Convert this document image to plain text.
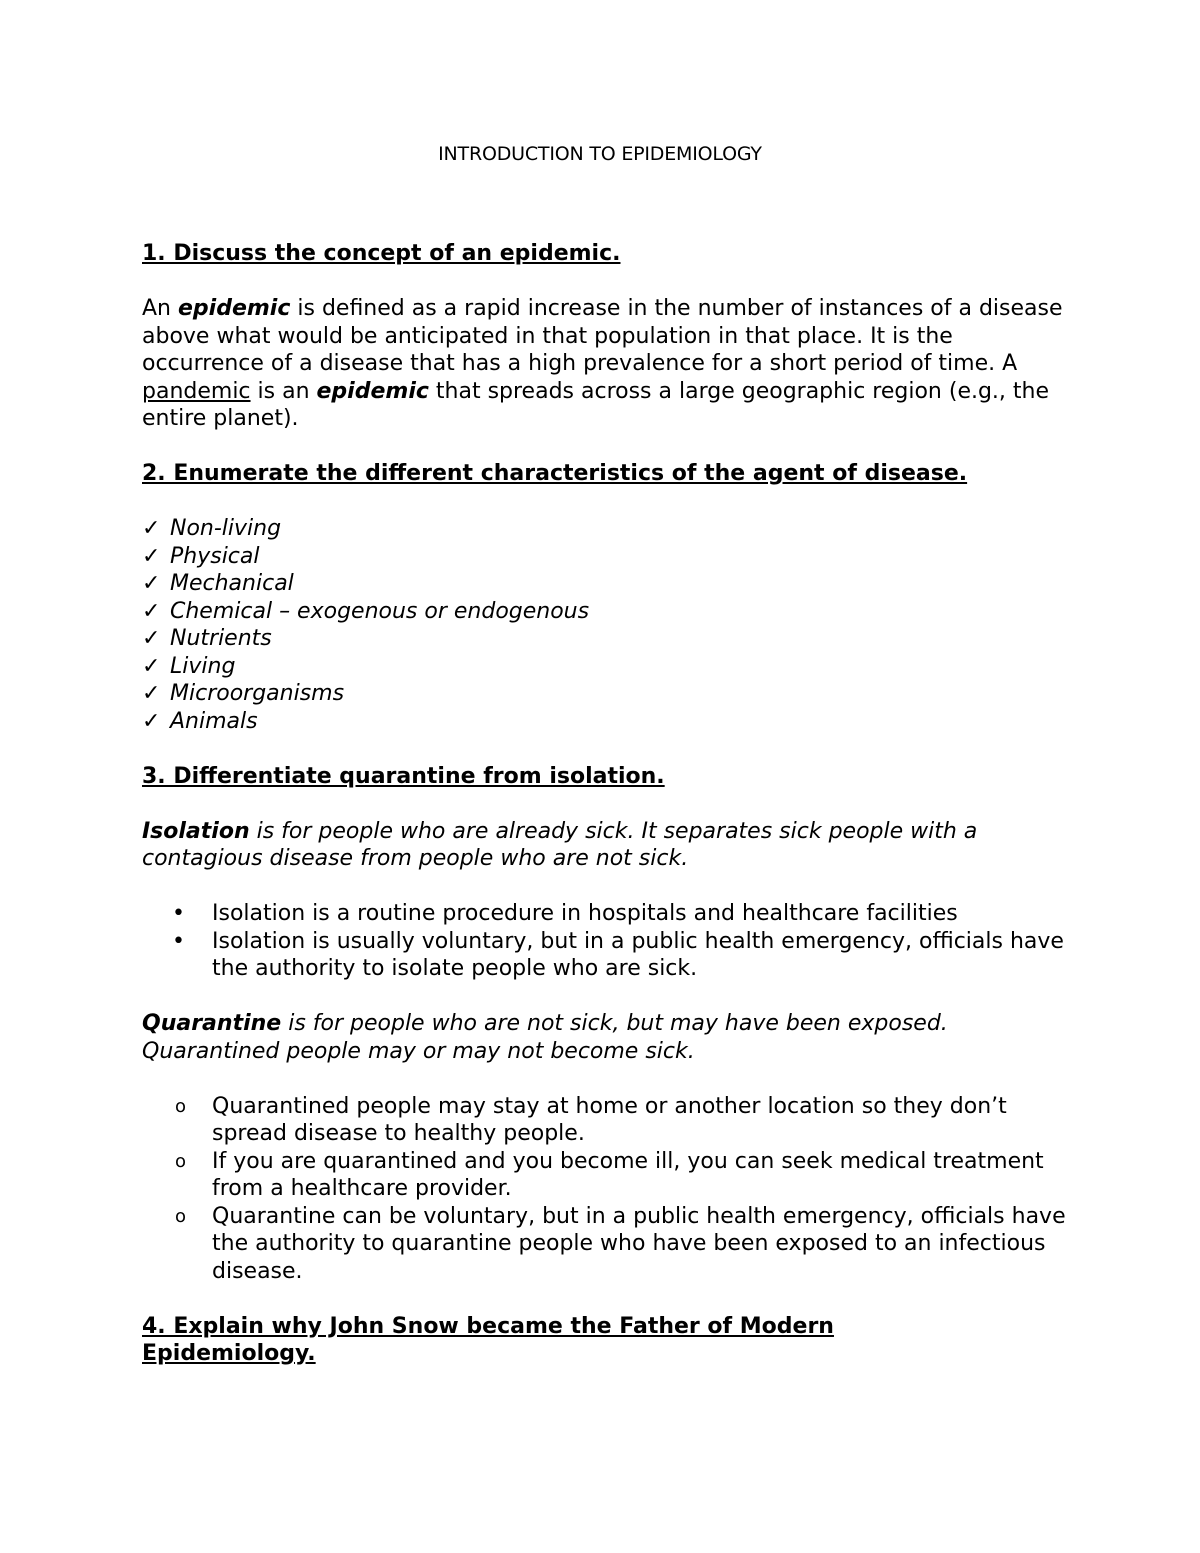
INTRODUCTION TO EPIDEMIOLOGY
1. Discuss the concept of an epidemic.
An epidemic is defined as a rapid increase in the number of instances of a disease above what would be anticipated in that population in that place. It is the occurrence of a disease that has a high prevalence for a short period of time. A pandemic is an epidemic that spreads across a large geographic region (e.g., the entire planet).
2. Enumerate the different characteristics of the agent of disease.
✓ Non-living
✓ Physical
✓ Mechanical
✓ Chemical – exogenous or endogenous
✓ Nutrients
✓ Living
✓ Microorganisms
✓ Animals
3. Differentiate quarantine from isolation.
Isolation is for people who are already sick. It separates sick people with a contagious disease from people who are not sick.
• Isolation is a routine procedure in hospitals and healthcare facilities
• Isolation is usually voluntary, but in a public health emergency, officials have the authority to isolate people who are sick.
Quarantine is for people who are not sick, but may have been exposed. Quarantined people may or may not become sick.
o Quarantined people may stay at home or another location so they don’t spread disease to healthy people.
o If you are quarantined and you become ill, you can seek medical treatment from a healthcare provider.
o Quarantine can be voluntary, but in a public health emergency, officials have the authority to quarantine people who have been exposed to an infectious disease.
4. Explain why John Snow became the Father of Modern Epidemiology.
